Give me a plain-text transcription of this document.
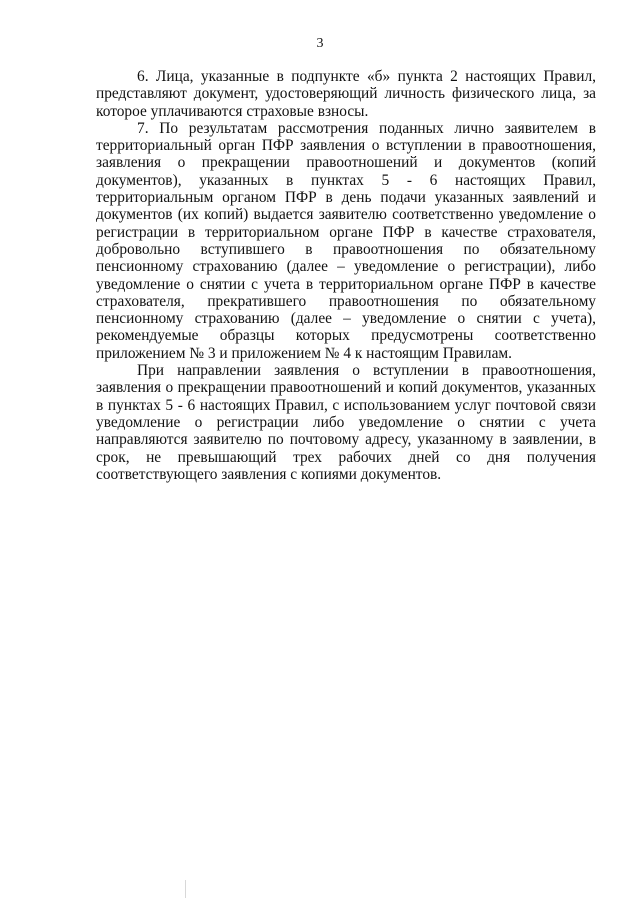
3

6. Лица, указанные в подпункте «б» пункта 2 настоящих Правил, представляют документ, удостоверяющий личность физического лица, за которое уплачиваются страховые взносы.

7. По результатам рассмотрения поданных лично заявителем в территориальный орган ПФР заявления о вступлении в правоотношения, заявления о прекращении правоотношений и документов (копий документов), указанных в пунктах 5 - 6 настоящих Правил, территориальным органом ПФР в день подачи указанных заявлений и документов (их копий) выдается заявителю соответственно уведомление о регистрации в территориальном органе ПФР в качестве страхователя, добровольно вступившего в правоотношения по обязательному пенсионному страхованию (далее – уведомление о регистрации), либо уведомление о снятии с учета в территориальном органе ПФР в качестве страхователя, прекратившего правоотношения по обязательному пенсионному страхованию (далее – уведомление о снятии с учета), рекомендуемые образцы которых предусмотрены соответственно приложением № 3 и приложением № 4 к настоящим Правилам.

При направлении заявления о вступлении в правоотношения, заявления о прекращении правоотношений и копий документов, указанных в пунктах 5 - 6 настоящих Правил, с использованием услуг почтовой связи уведомление о регистрации либо уведомление о снятии с учета направляются заявителю по почтовому адресу, указанному в заявлении, в срок, не превышающий трех рабочих дней со дня получения соответствующего заявления с копиями документов.
